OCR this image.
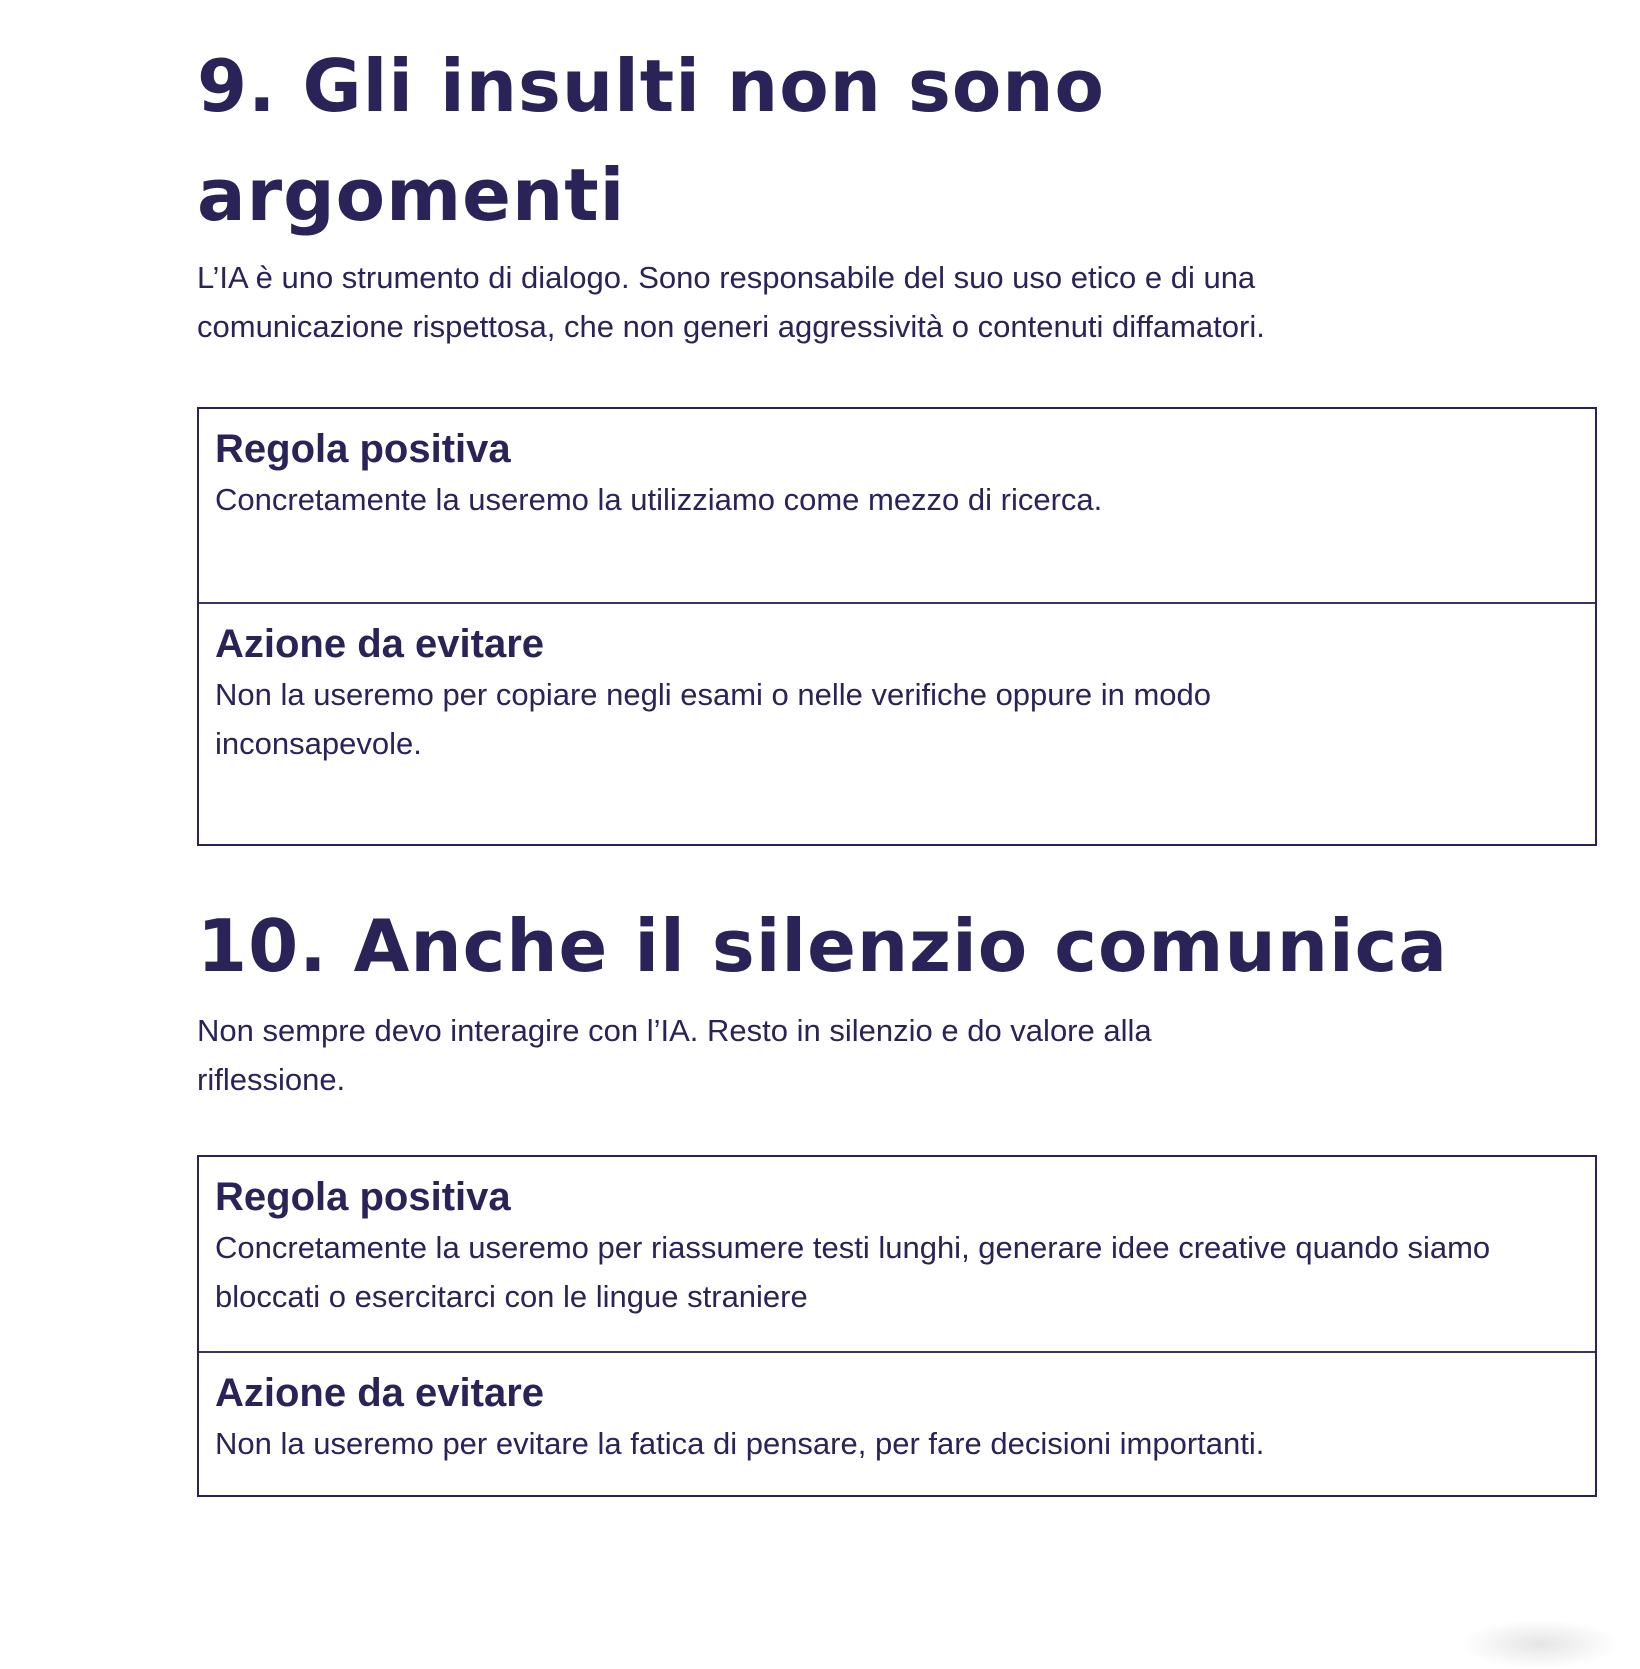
9. Gli insulti non sono
argomenti

L’IA è uno strumento di dialogo. Sono responsabile del suo uso etico e di una comunicazione rispettosa, che non generi aggressività o contenuti diffamatori.

Regola positiva

Concretamente la useremo la utilizziamo come mezzo di ricerca.

Azione da evitare

Non la useremo per copiare negli esami o nelle verifiche oppure in modo inconsapevole.

10. Anche il silenzio comunica

Non sempre devo interagire con l’IA. Resto in silenzio e do valore alla riflessione.

Regola positiva

Concretamente la useremo per riassumere testi lunghi, generare idee creative quando siamo bloccati o esercitarci con le lingue straniere

Azione da evitare

Non la useremo per evitare la fatica di pensare, per fare decisioni importanti.
